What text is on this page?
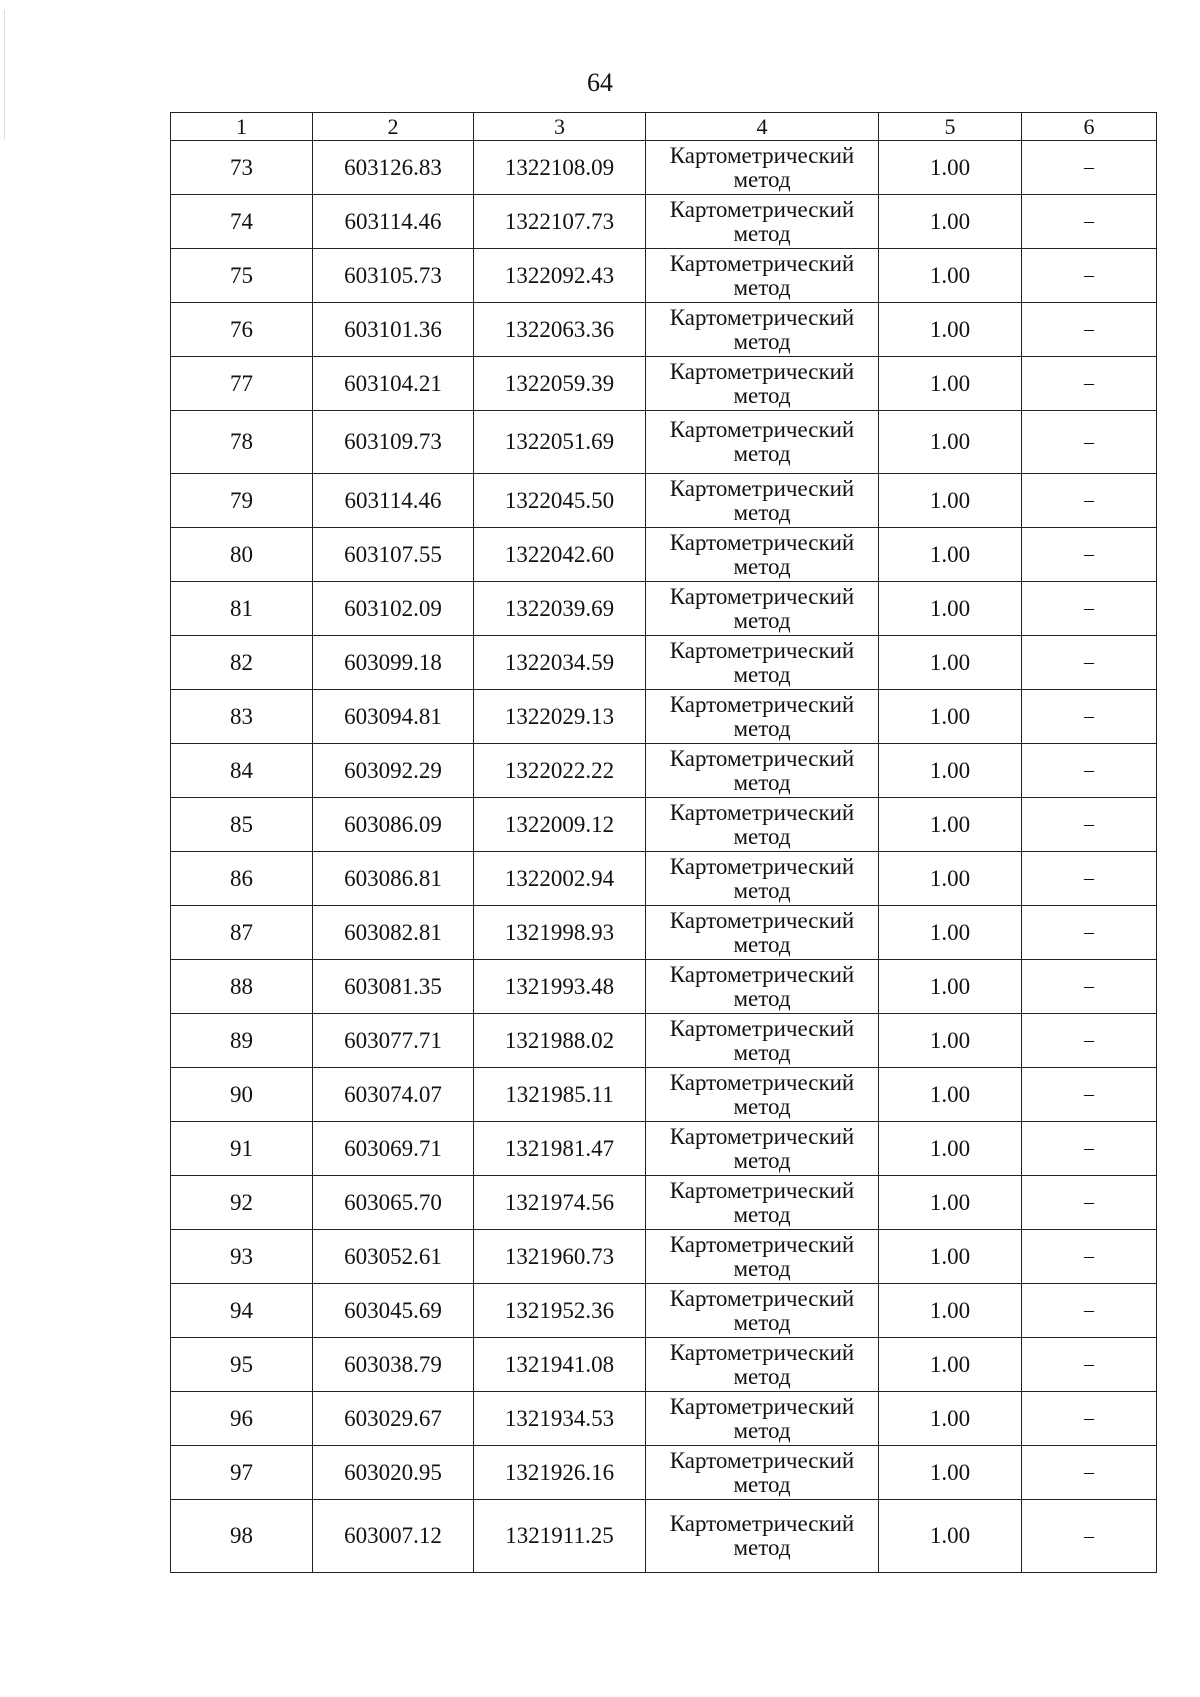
64
1	2	3	4	5	6
73	603126.83	1322108.09	Картометрический метод	1.00	–
74	603114.46	1322107.73	Картометрический метод	1.00	–
75	603105.73	1322092.43	Картометрический метод	1.00	–
76	603101.36	1322063.36	Картометрический метод	1.00	–
77	603104.21	1322059.39	Картометрический метод	1.00	–
78	603109.73	1322051.69	Картометрический метод	1.00	–
79	603114.46	1322045.50	Картометрический метод	1.00	–
80	603107.55	1322042.60	Картометрический метод	1.00	–
81	603102.09	1322039.69	Картометрический метод	1.00	–
82	603099.18	1322034.59	Картометрический метод	1.00	–
83	603094.81	1322029.13	Картометрический метод	1.00	–
84	603092.29	1322022.22	Картометрический метод	1.00	–
85	603086.09	1322009.12	Картометрический метод	1.00	–
86	603086.81	1322002.94	Картометрический метод	1.00	–
87	603082.81	1321998.93	Картометрический метод	1.00	–
88	603081.35	1321993.48	Картометрический метод	1.00	–
89	603077.71	1321988.02	Картометрический метод	1.00	–
90	603074.07	1321985.11	Картометрический метод	1.00	–
91	603069.71	1321981.47	Картометрический метод	1.00	–
92	603065.70	1321974.56	Картометрический метод	1.00	–
93	603052.61	1321960.73	Картометрический метод	1.00	–
94	603045.69	1321952.36	Картометрический метод	1.00	–
95	603038.79	1321941.08	Картометрический метод	1.00	–
96	603029.67	1321934.53	Картометрический метод	1.00	–
97	603020.95	1321926.16	Картометрический метод	1.00	–
98	603007.12	1321911.25	Картометрический метод	1.00	–
